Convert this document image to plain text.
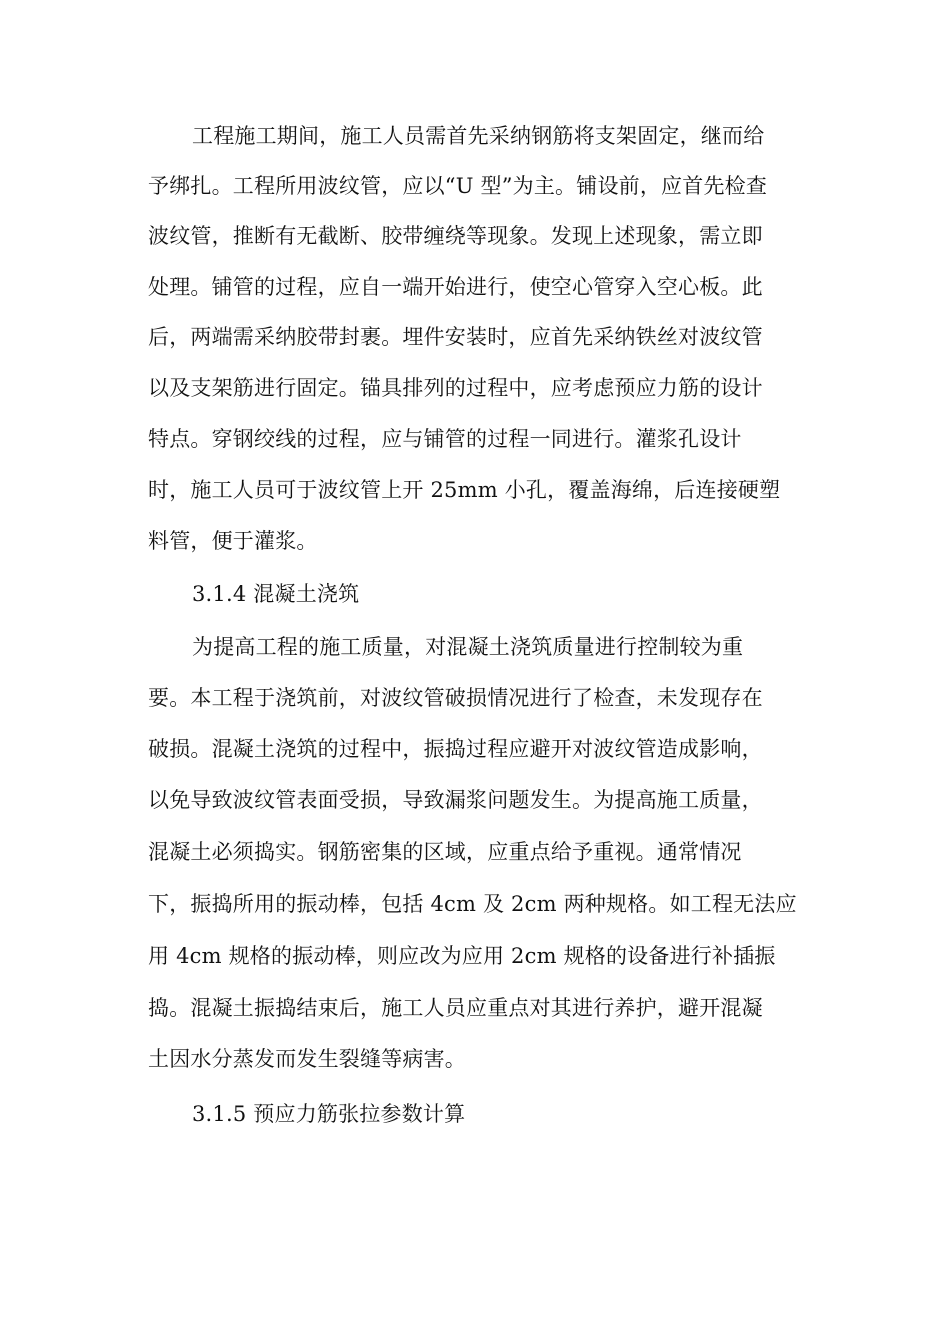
工程施工期间，施工人员需首先采纳钢筋将支架固定，继而给
予绑扎。工程所用波纹管，应以“U 型”为主。铺设前，应首先检查
波纹管，推断有无截断、胶带缠绕等现象。发现上述现象，需立即
处理。铺管的过程，应自一端开始进行，使空心管穿入空心板。此
后，两端需采纳胶带封裹。埋件安装时，应首先采纳铁丝对波纹管
以及支架筋进行固定。锚具排列的过程中，应考虑预应力筋的设计
特点。穿钢绞线的过程，应与铺管的过程一同进行。灌浆孔设计
时，施工人员可于波纹管上开 25mm 小孔，覆盖海绵，后连接硬塑
料管，便于灌浆。
3.1.4 混凝土浇筑
为提高工程的施工质量，对混凝土浇筑质量进行控制较为重
要。本工程于浇筑前，对波纹管破损情况进行了检查，未发现存在
破损。混凝土浇筑的过程中，振捣过程应避开对波纹管造成影响，
以免导致波纹管表面受损，导致漏浆问题发生。为提高施工质量，
混凝土必须捣实。钢筋密集的区域，应重点给予重视。通常情况
下，振捣所用的振动棒，包括 4cm 及 2cm 两种规格。如工程无法应
用 4cm 规格的振动棒，则应改为应用 2cm 规格的设备进行补插振
捣。混凝土振捣结束后，施工人员应重点对其进行养护，避开混凝
土因水分蒸发而发生裂缝等病害。
3.1.5 预应力筋张拉参数计算
